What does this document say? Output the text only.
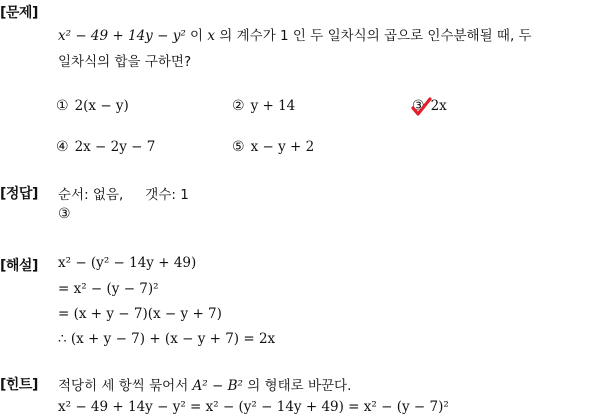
[문제]
x² − 49 + 14y − y² 이 x 의 계수가 1 인 두 일차식의 곱으로 인수분해될 때, 두
일차식의 합을 구하면?
① 2(x − y)	② y + 14	③ 2x
④ 2x − 2y − 7	⑤ x − y + 2
[정답] 순서: 없음, 갯수: 1
③
[해설] x² − (y² − 14y + 49)
= x² − (y − 7)²
= (x + y − 7)(x − y + 7)
∴ (x + y − 7) + (x − y + 7) = 2x
[힌트] 적당히 세 항씩 묶어서 A² − B² 의 형태로 바꾼다.
x² − 49 + 14y − y² = x² − (y² − 14y + 49) = x² − (y − 7)²
